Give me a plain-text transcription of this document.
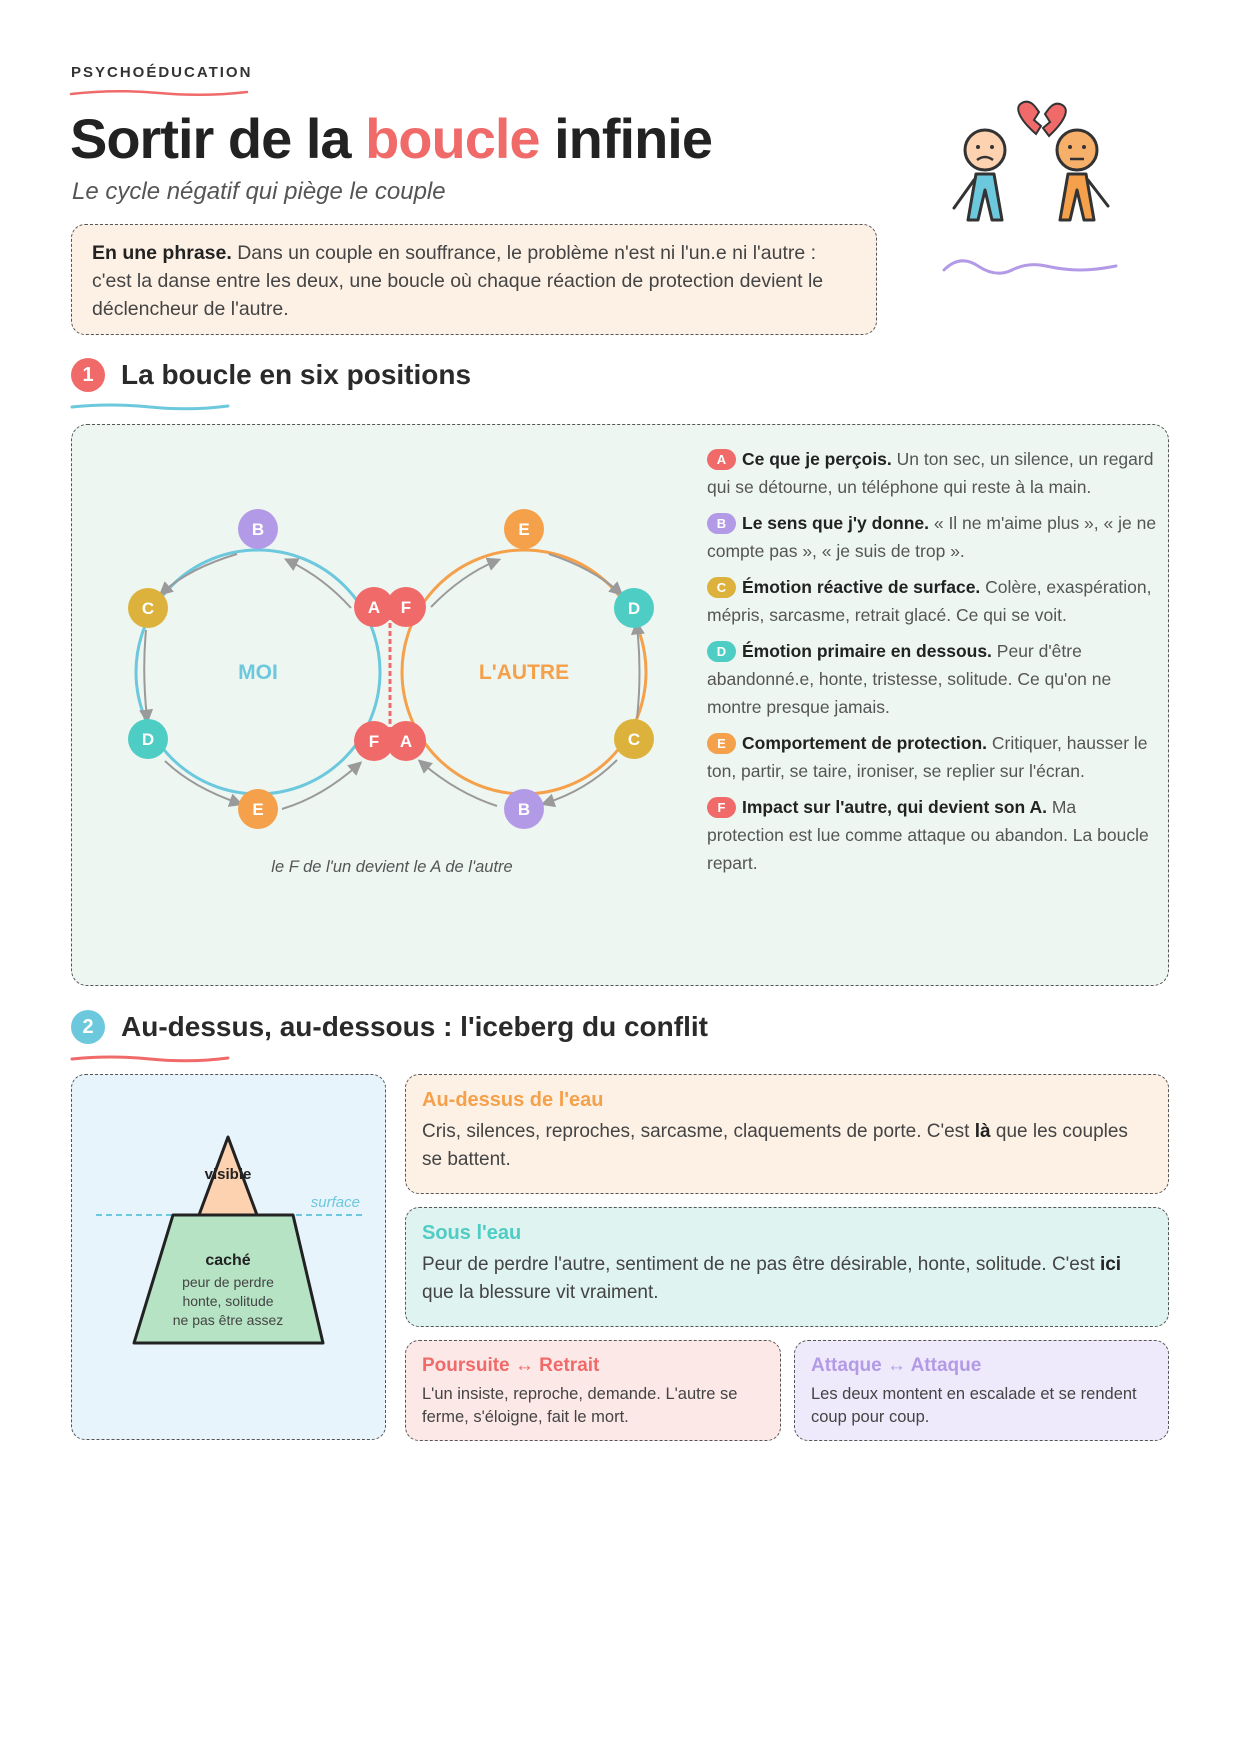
PSYCHOÉDUCATION
Sortir de la boucle infinie
Le cycle négatif qui piège le couple
En une phrase. Dans un couple en souffrance, le problème n'est ni l'un.e ni l'autre : c'est la danse entre les deux, une boucle où chaque réaction de protection devient le déclencheur de l'autre.
1 La boucle en six positions
MOI	L'AUTRE
B
C
D
E
A
F
F
A
E
D
C
B
le F de l'un devient le A de l'autre
A Ce que je perçois. Un ton sec, un silence, un regard qui se détourne, un téléphone qui reste à la main.
B Le sens que j'y donne. « Il ne m'aime plus », « je ne compte pas », « je suis de trop ».
C Émotion réactive de surface. Colère, exaspération, mépris, sarcasme, retrait glacé. Ce qui se voit.
D Émotion primaire en dessous. Peur d'être abandonné.e, honte, tristesse, solitude. Ce qu'on ne montre presque jamais.
E Comportement de protection. Critiquer, hausser le ton, partir, se taire, ironiser, se replier sur l'écran.
F Impact sur l'autre, qui devient son A. Ma protection est lue comme attaque ou abandon. La boucle repart.
2 Au-dessus, au-dessous : l'iceberg du conflit
visible
surface
caché
peur de perdre
honte, solitude
ne pas être assez
Au-dessus de l'eau
Cris, silences, reproches, sarcasme, claquements de porte. C'est là que les couples se battent.
Sous l'eau
Peur de perdre l'autre, sentiment de ne pas être désirable, honte, solitude. C'est ici que la blessure vit vraiment.
Poursuite ↔ Retrait
L'un insiste, reproche, demande. L'autre se ferme, s'éloigne, fait le mort.
Attaque ↔ Attaque
Les deux montent en escalade et se rendent coup pour coup.
